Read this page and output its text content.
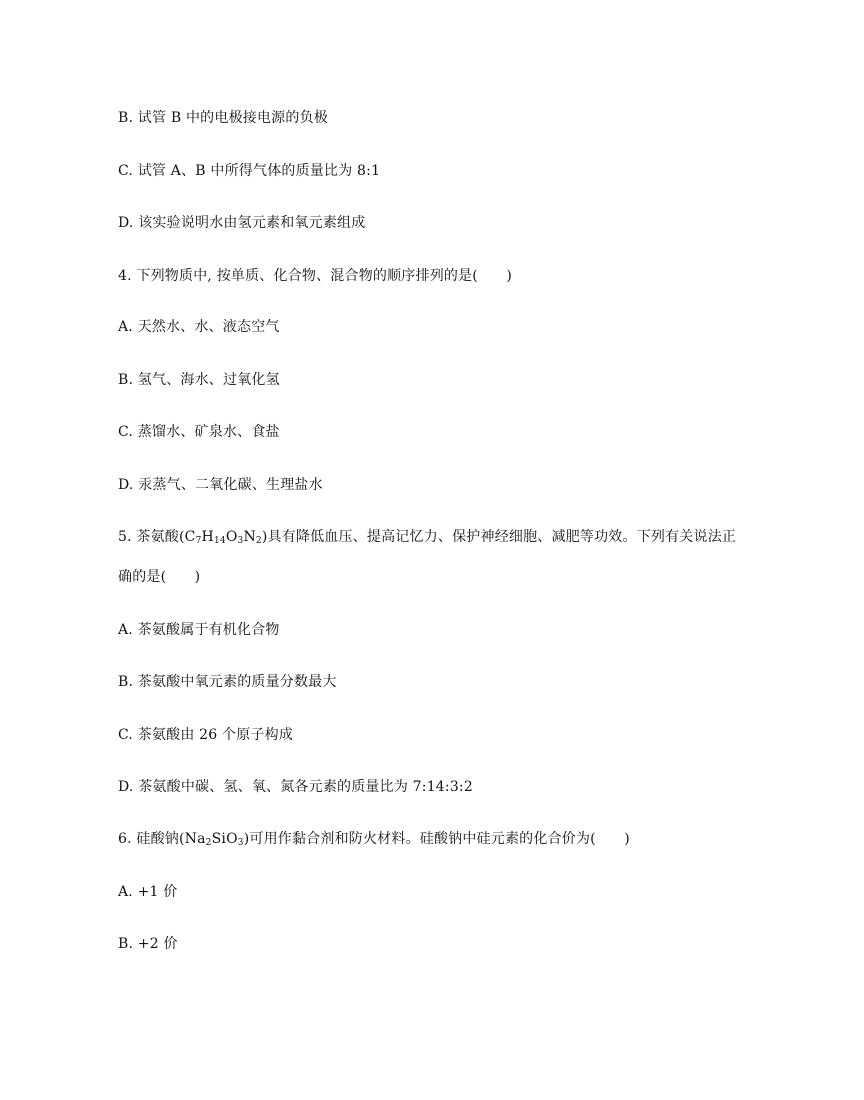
B. 试管 B 中的电极接电源的负极
C. 试管 A、B 中所得气体的质量比为 8:1
D. 该实验说明水由氢元素和氧元素组成
4. 下列物质中, 按单质、化合物、混合物的顺序排列的是(　　)
A. 天然水、水、液态空气
B. 氢气、海水、过氧化氢
C. 蒸馏水、矿泉水、食盐
D. 汞蒸气、二氧化碳、生理盐水
5. 茶氨酸$(C_7H_{14}O_3N_2)$具有降低血压、提高记忆力、保护神经细胞、减肥等功效。下列有关说法正
确的是(　　)
A. 茶氨酸属于有机化合物
B. 茶氨酸中氧元素的质量分数最大
C. 茶氨酸由 26 个原子构成
D. 茶氨酸中碳、氢、氧、氮各元素的质量比为 7:14:3:2
6. 硅酸钠$(Na_2SiO_3)$可用作黏合剂和防火材料。硅酸钠中硅元素的化合价为(　　)
A. +1 价
B. +2 价
